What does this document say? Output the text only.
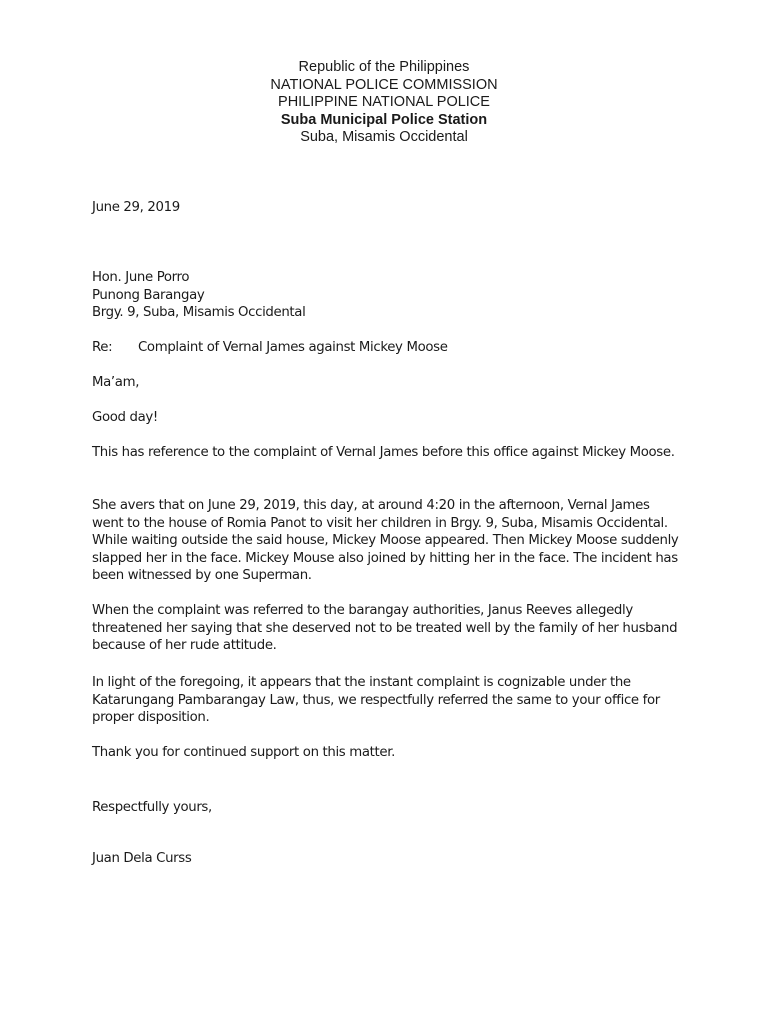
Republic of the Philippines
NATIONAL POLICE COMMISSION
PHILIPPINE NATIONAL POLICE
Suba Municipal Police Station
Suba, Misamis Occidental
June 29, 2019
Hon. June Porro
Punong Barangay
Brgy. 9, Suba, Misamis Occidental
Re: Complaint of Vernal James against Mickey Moose
Ma’am,
Good day!
This has reference to the complaint of Vernal James before this office against Mickey Moose.
She avers that on June 29, 2019, this day, at around 4:20 in the afternoon, Vernal James went to the house of Romia Panot to visit her children in Brgy. 9, Suba, Misamis Occidental. While waiting outside the said house, Mickey Moose appeared. Then Mickey Moose suddenly slapped her in the face. Mickey Mouse also joined by hitting her in the face. The incident has been witnessed by one Superman.
When the complaint was referred to the barangay authorities, Janus Reeves allegedly threatened her saying that she deserved not to be treated well by the family of her husband because of her rude attitude.
In light of the foregoing, it appears that the instant complaint is cognizable under the Katarungang Pambarangay Law, thus, we respectfully referred the same to your office for proper disposition.
Thank you for continued support on this matter.
Respectfully yours,
Juan Dela Curss
